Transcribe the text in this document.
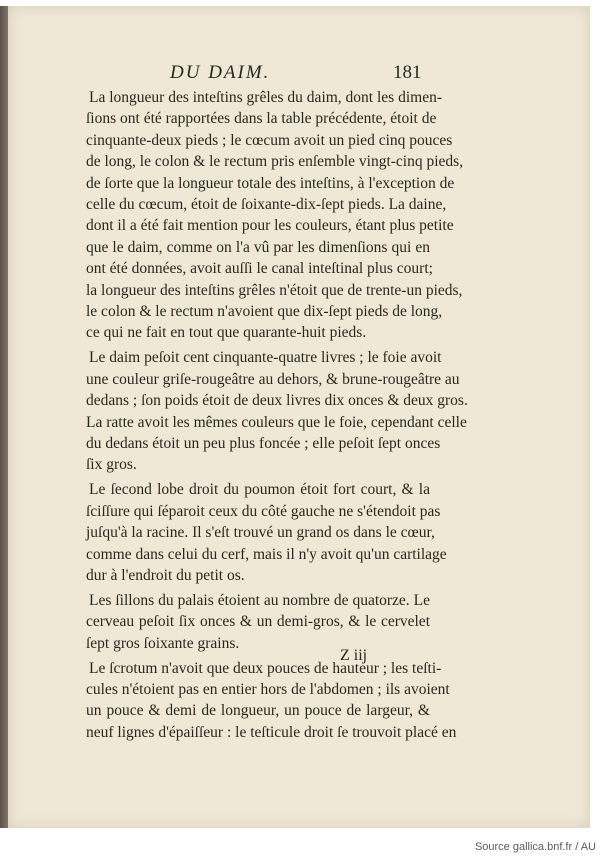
DU DAIM.	181
La longueur des inteſtins grêles du daim, dont les dimen-
ſions ont été rapportées dans la table précédente, étoit de
cinquante-deux pieds ; le cœcum avoit un pied cinq pouces
de long, le colon & le rectum pris enſemble vingt-cinq pieds,
de ſorte que la longueur totale des inteſtins, à l'exception de
celle du cœcum, étoit de ſoixante-dix-ſept pieds. La daine,
dont il a été fait mention pour les couleurs, étant plus petite
que le daim, comme on l'a vû par les dimenſions qui en
ont été données, avoit auſſi le canal inteſtinal plus court;
la longueur des inteſtins grêles n'étoit que de trente-un pieds,
le colon & le rectum n'avoient que dix-ſept pieds de long,
ce qui ne fait en tout que quarante-huit pieds.
Le daim peſoit cent cinquante-quatre livres ; le foie avoit
une couleur griſe-rougeâtre au dehors, & brune-rougeâtre au
dedans ; ſon poids étoit de deux livres dix onces & deux gros.
La ratte avoit les mêmes couleurs que le foie, cependant celle
du dedans étoit un peu plus foncée ; elle peſoit ſept onces
ſix gros.
Le ſecond lobe droit du poumon étoit fort court, & la
ſciſſure qui ſéparoit ceux du côté gauche ne s'étendoit pas
juſqu'à la racine. Il s'eſt trouvé un grand os dans le cœur,
comme dans celui du cerf, mais il n'y avoit qu'un cartilage
dur à l'endroit du petit os.
Les ſillons du palais étoient au nombre de quatorze. Le
cerveau peſoit ſix onces & un demi-gros, & le cervelet
ſept gros ſoixante grains.
Le ſcrotum n'avoit que deux pouces de hauteur ; les teſti-
cules n'étoient pas en entier hors de l'abdomen ; ils avoient
un pouce & demi de longueur, un pouce de largeur, &
neuf lignes d'épaiſſeur : le teſticule droit ſe trouvoit placé en
Z iij
Source gallica.bnf.fr / AU
